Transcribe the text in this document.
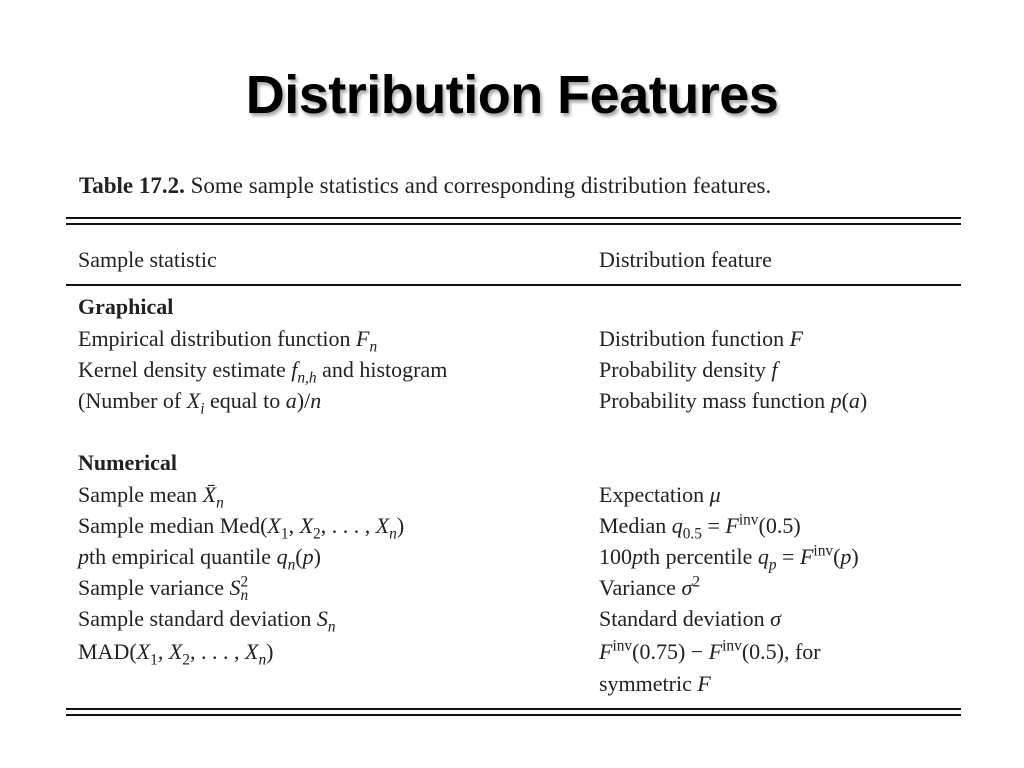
Distribution Features
Table 17.2. Some sample statistics and corresponding distribution features.
Sample statistic	Distribution feature
Graphical
Empirical distribution function $F_n$	Distribution function F
Kernel density estimate $f_{n,h}$ and histogram	Probability density f
(Number of $X_i$ equal to a)/n	Probability mass function p(a)
Numerical
Sample mean $X̄_n$	Expectation μ
Sample median $Med(X_1$, $X_2$, . . . , $X_n$)	Median $q_{0.5} = F^{inv}(0.5)$
pth empirical quantile $q_n(p)$	100pth percentile $q_p = F^{inv}(p)$
Sample variance $S^2_n$	Variance $\sigma^2$
Sample standard deviation $S_n$	Standard deviation σ
$MAD(X_1$, $X_2$, . . . , $X_n$)	$F^{inv}(0.75) - F^{inv}(0.5)$, for
symmetric F
